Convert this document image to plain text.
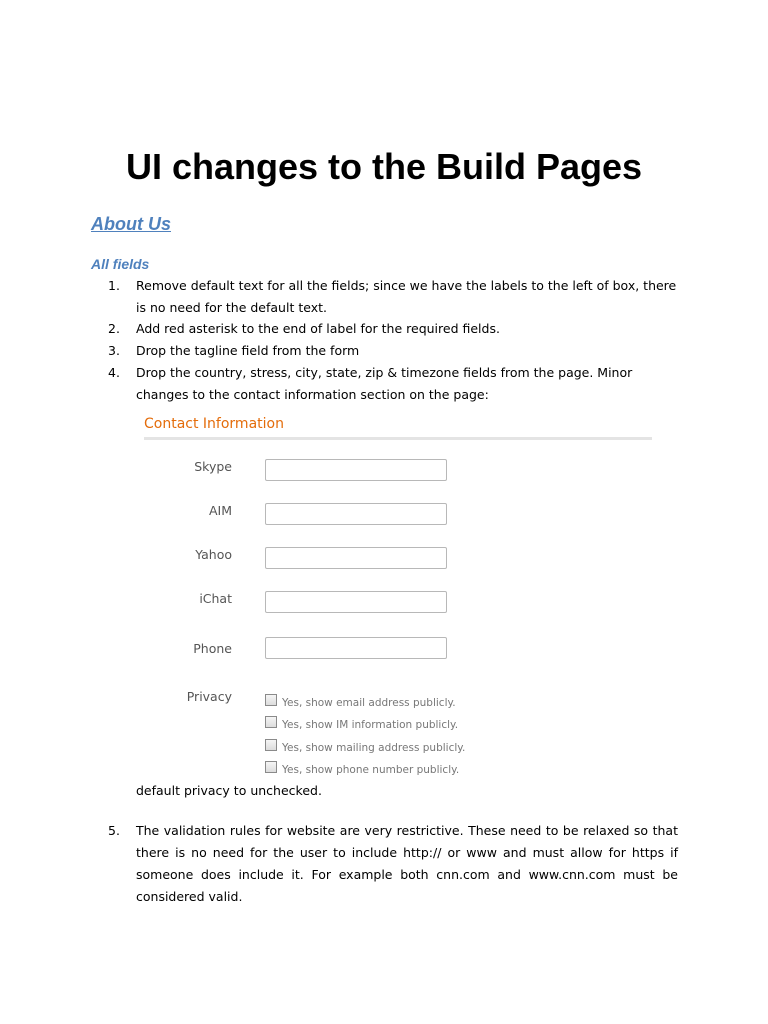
UI changes to the Build Pages
About Us
All fields
1.	Remove default text for all the fields; since we have the labels to the left of box, there is no need for the default text.
2.	Add red asterisk to the end of label for the required fields.
3.	Drop the tagline field from the form
4.	Drop the country, stress, city, state, zip & timezone fields from the page. Minor changes to the contact information section on the page:
5.	The validation rules for website are very restrictive. These need to be relaxed so that there is no need for the user to include http:// or www and must allow for https if someone does include it. For example both cnn.com and www.cnn.com must be considered valid.
Contact Information
Skype
AIM
Yahoo
iChat
Phone
Privacy	Yes, show email address publicly.
Yes, show IM information publicly.
Yes, show mailing address publicly.
Yes, show phone number publicly.
default privacy to unchecked.
